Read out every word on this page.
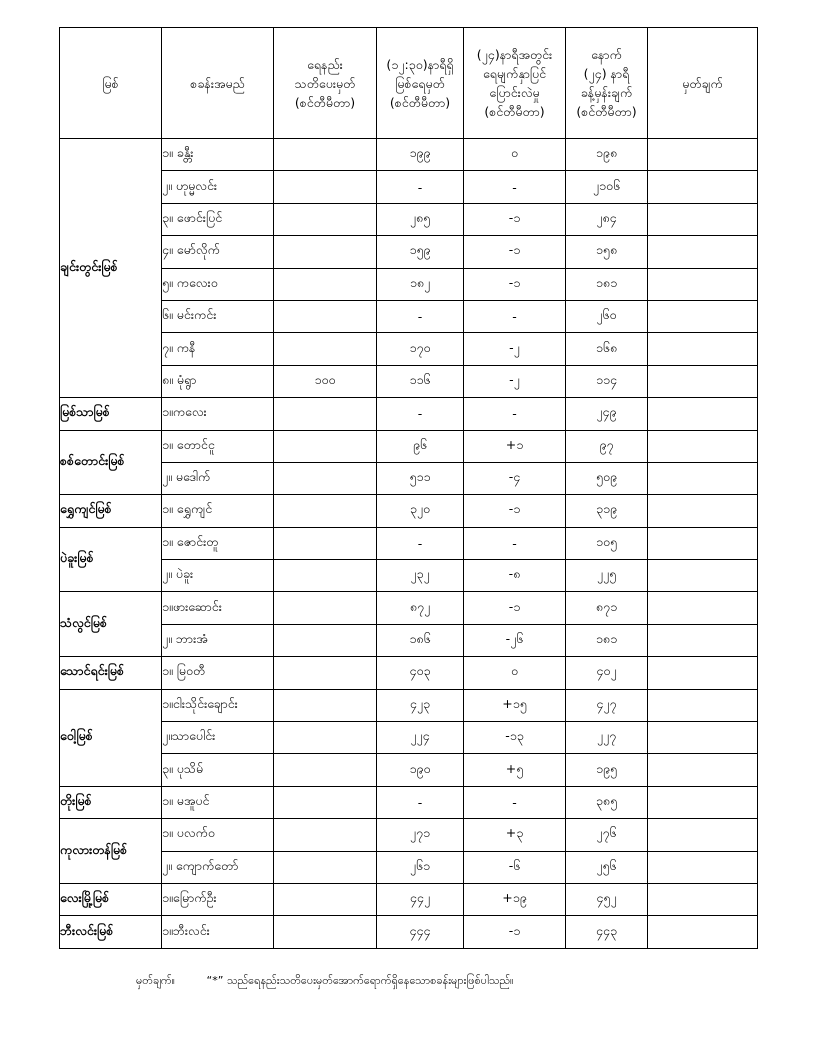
မြစ်	စခန်းအမည်	ရေနည်း
သတိပေးမှတ်
(စင်တီမီတာ)	(၁၂:၃၀)နာရီရှိ
မြစ်ရေမှတ်
(စင်တီမီတာ)	(၂၄)နာရီအတွင်း
ရေမျက်နှာပြင်
ပြောင်းလဲမှု
(စင်တီမီတာ)	နောက်
(၂၄) နာရီ
ခန့်မှန်းချက်
(စင်တီမီတာ)	မှတ်ချက်
ချင်းတွင်းမြစ်	၁။ ခန္တီး		၁၉၉	၀	၁၉၈	
	၂။ ဟုမ္မလင်း		-	-	၂၁၀၆	
	၃။ ဖောင်းပြင်		၂၈၅	-၁	၂၈၄	
	၄။ မော်လိုက်		၁၅၉	-၁	၁၅၈	
	၅။ ကလေးဝ		၁၈၂	-၁	၁၈၁	
	၆။ မင်းကင်း		-	-	၂၆၀	
	၇။ ကနီ		၁၇၀	-၂	၁၆၈	
	၈။ မုံရွာ	၁၀၀	၁၁၆	-၂	၁၁၄	
မြစ်သာမြစ်	၁။ကလေး		-	-	၂၄၉	
စစ်တောင်းမြစ်	၁။ တောင်ငူ		၉၆	+၁	၉၇	
	၂။ မဒေါက်		၅၁၁	-၄	၅၀၉	
ရွှေကျင်မြစ်	၁။ ရွှေကျင်		၃၂၀	-၁	၃၁၉	
ပဲခူးမြစ်	၁။ ဇောင်းတူ		-	-	၁၀၅	
	၂။ ပဲခူး		၂၃၂	-၈	၂၂၅	
သံလွင်မြစ်	၁။ဖားဆောင်း		၈၇၂	-၁	၈၇၁	
	၂။ ဘားအံ		၁၈၆	-၂၆	၁၈၁	
သောင်ရင်းမြစ်	၁။ မြဝတီ		၄၀၃	၀	၄၀၂	
ဝေါ့မြစ်	၁။ငါးသိုင်းချောင်း		၄၂၃	+၁၅	၄၂၇	
	၂။သာပေါင်း		၂၂၄	-၁၃	၂၂၇	
	၃။ ပုသိမ်		၁၉၀	+၅	၁၉၅	
တိုးမြစ်	၁။ မအူပင်		-	-	၃၈၅	
ကုလားတန်မြစ်	၁။ ပလက်ဝ		၂၇၁	+၃	၂၇၆	
	၂။ ကျောက်တော်		၂၆၁	-၆	၂၅၆	
လေးမြို့မြစ်	၁။မြောက်ဦး		၄၄၂	+၁၉	၄၅၂	
ဘီးလင်းမြစ်	၁။ဘီးလင်း		၄၄၄	-၁	၄၄၃	
မှတ်ချက်။	“*” သည်ရေနည်းသတိပေးမှတ်အောက်ရောက်ရှိနေသောစခန်းများဖြစ်ပါသည်။
